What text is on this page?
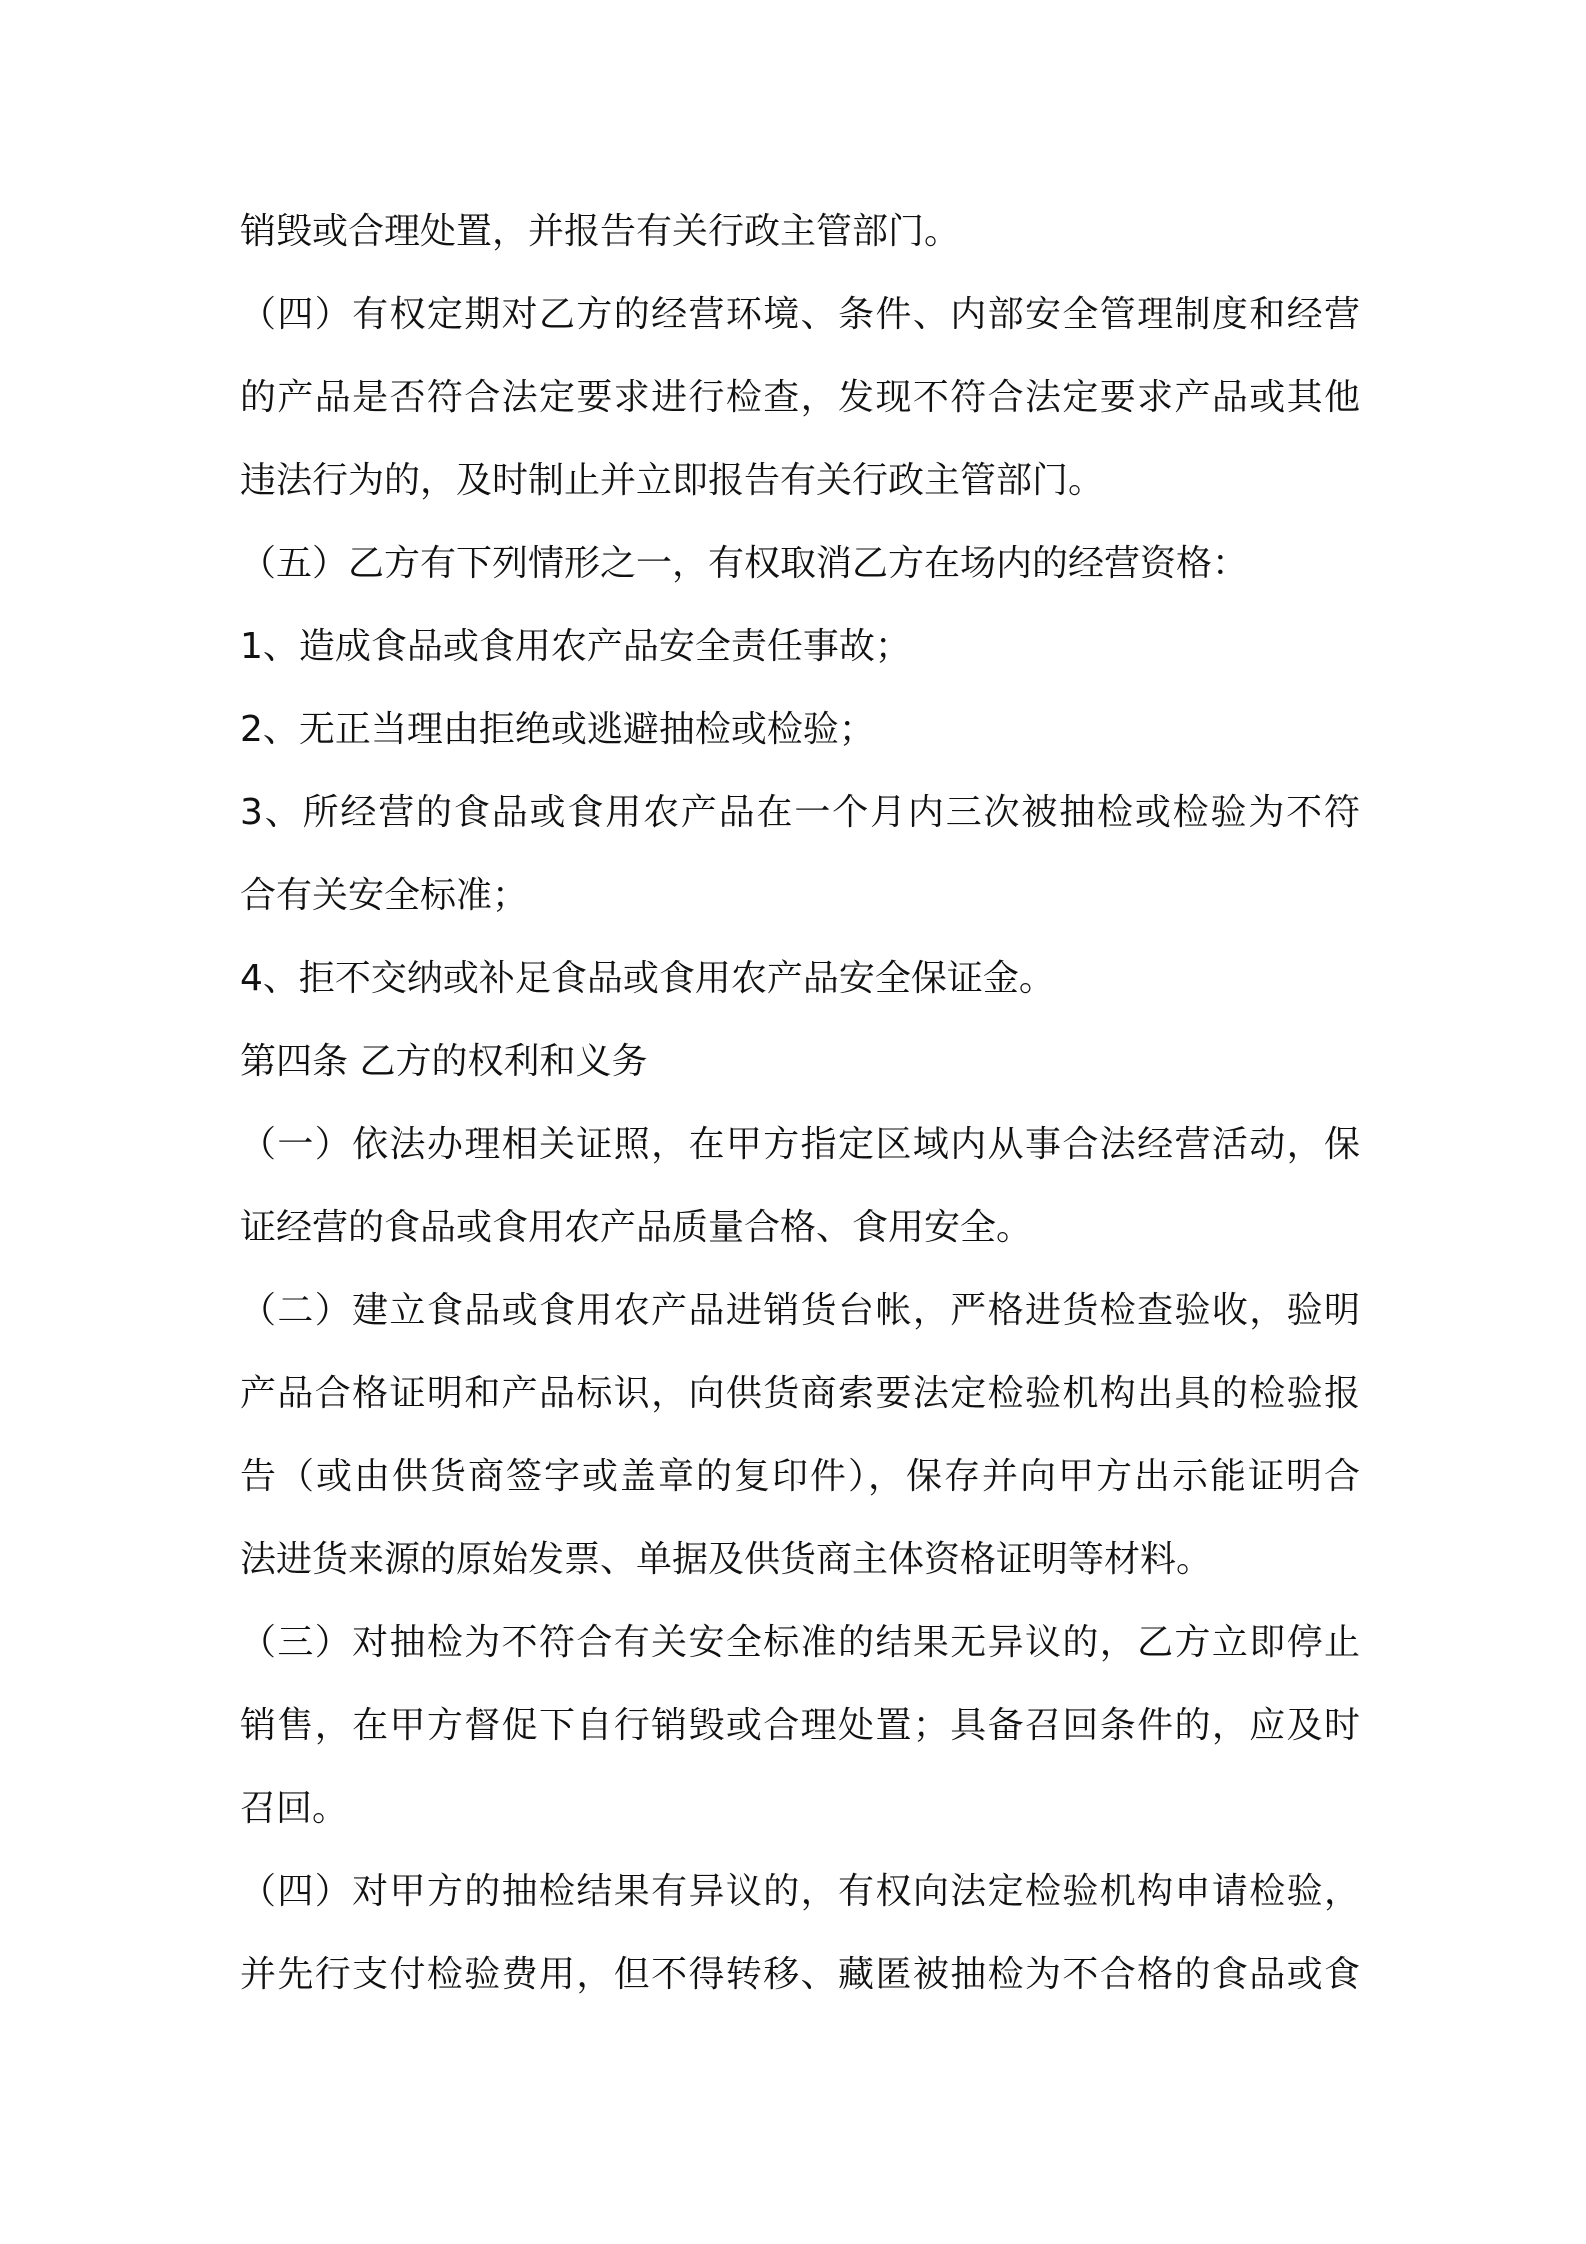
销毁或合理处置，并报告有关行政主管部门。
（四）有权定期对乙方的经营环境、条件、内部安全管理制度和经营
的产品是否符合法定要求进行检查，发现不符合法定要求产品或其他
违法行为的，及时制止并立即报告有关行政主管部门。
（五）乙方有下列情形之一，有权取消乙方在场内的经营资格：
1、造成食品或食用农产品安全责任事故；
2、无正当理由拒绝或逃避抽检或检验；
3、所经营的食品或食用农产品在一个月内三次被抽检或检验为不符
合有关安全标准；
4、拒不交纳或补足食品或食用农产品安全保证金。
第四条 乙方的权利和义务
（一）依法办理相关证照，在甲方指定区域内从事合法经营活动，保
证经营的食品或食用农产品质量合格、食用安全。
（二）建立食品或食用农产品进销货台帐，严格进货检查验收，验明
产品合格证明和产品标识，向供货商索要法定检验机构出具的检验报
告（或由供货商签字或盖章的复印件），保存并向甲方出示能证明合
法进货来源的原始发票、单据及供货商主体资格证明等材料。
（三）对抽检为不符合有关安全标准的结果无异议的，乙方立即停止
销售，在甲方督促下自行销毁或合理处置；具备召回条件的，应及时
召回。
（四）对甲方的抽检结果有异议的，有权向法定检验机构申请检验，
并先行支付检验费用，但不得转移、藏匿被抽检为不合格的食品或食
